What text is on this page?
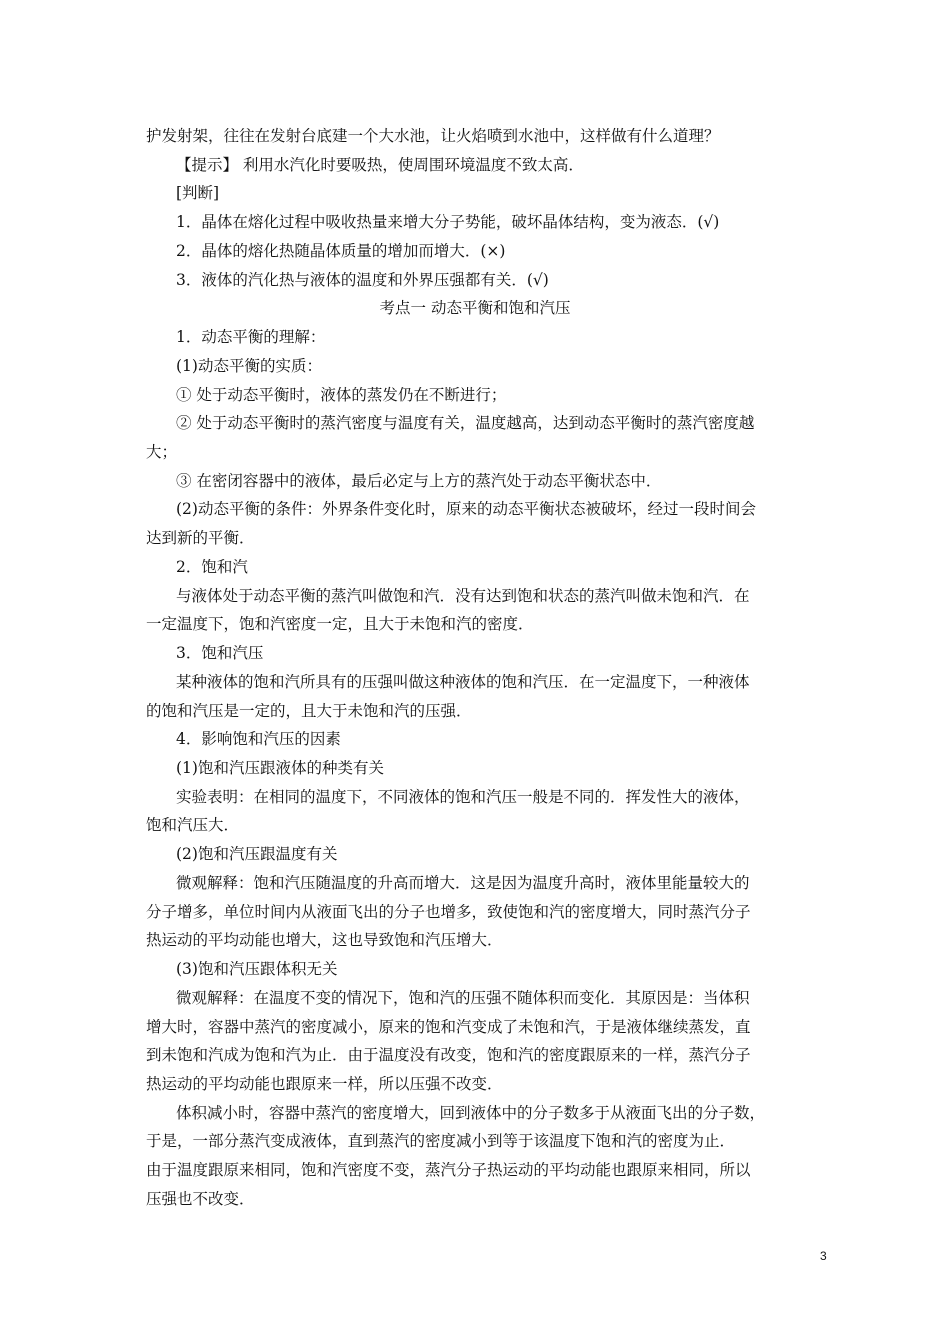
护发射架，往往在发射台底建一个大水池，让火焰喷到水池中，这样做有什么道理？

【提示】 利用水汽化时要吸热，使周围环境温度不致太高．

[判断]

1．晶体在熔化过程中吸收热量来增大分子势能，破坏晶体结构，变为液态．(√)

2．晶体的熔化热随晶体质量的增加而增大．(×)

3．液体的汽化热与液体的温度和外界压强都有关．(√)

考点一 动态平衡和饱和汽压

1．动态平衡的理解：

(1)动态平衡的实质：

① 处于动态平衡时，液体的蒸发仍在不断进行；

② 处于动态平衡时的蒸汽密度与温度有关，温度越高，达到动态平衡时的蒸汽密度越

大；

③ 在密闭容器中的液体，最后必定与上方的蒸汽处于动态平衡状态中．

(2)动态平衡的条件：外界条件变化时，原来的动态平衡状态被破坏，经过一段时间会

达到新的平衡．

2．饱和汽

与液体处于动态平衡的蒸汽叫做饱和汽．没有达到饱和状态的蒸汽叫做未饱和汽．在

一定温度下，饱和汽密度一定，且大于未饱和汽的密度．

3．饱和汽压

某种液体的饱和汽所具有的压强叫做这种液体的饱和汽压．在一定温度下，一种液体

的饱和汽压是一定的，且大于未饱和汽的压强．

4．影响饱和汽压的因素

(1)饱和汽压跟液体的种类有关

实验表明：在相同的温度下，不同液体的饱和汽压一般是不同的．挥发性大的液体，

饱和汽压大．

(2)饱和汽压跟温度有关

微观解释：饱和汽压随温度的升高而增大．这是因为温度升高时，液体里能量较大的

分子增多，单位时间内从液面飞出的分子也增多，致使饱和汽的密度增大，同时蒸汽分子

热运动的平均动能也增大，这也导致饱和汽压增大．

(3)饱和汽压跟体积无关

微观解释：在温度不变的情况下，饱和汽的压强不随体积而变化．其原因是：当体积

增大时，容器中蒸汽的密度减小，原来的饱和汽变成了未饱和汽，于是液体继续蒸发，直

到未饱和汽成为饱和汽为止．由于温度没有改变，饱和汽的密度跟原来的一样，蒸汽分子

热运动的平均动能也跟原来一样，所以压强不改变．

体积减小时，容器中蒸汽的密度增大，回到液体中的分子数多于从液面飞出的分子数，

于是，一部分蒸汽变成液体，直到蒸汽的密度减小到等于该温度下饱和汽的密度为止．

由于温度跟原来相同，饱和汽密度不变，蒸汽分子热运动的平均动能也跟原来相同，所以

压强也不改变．

3
